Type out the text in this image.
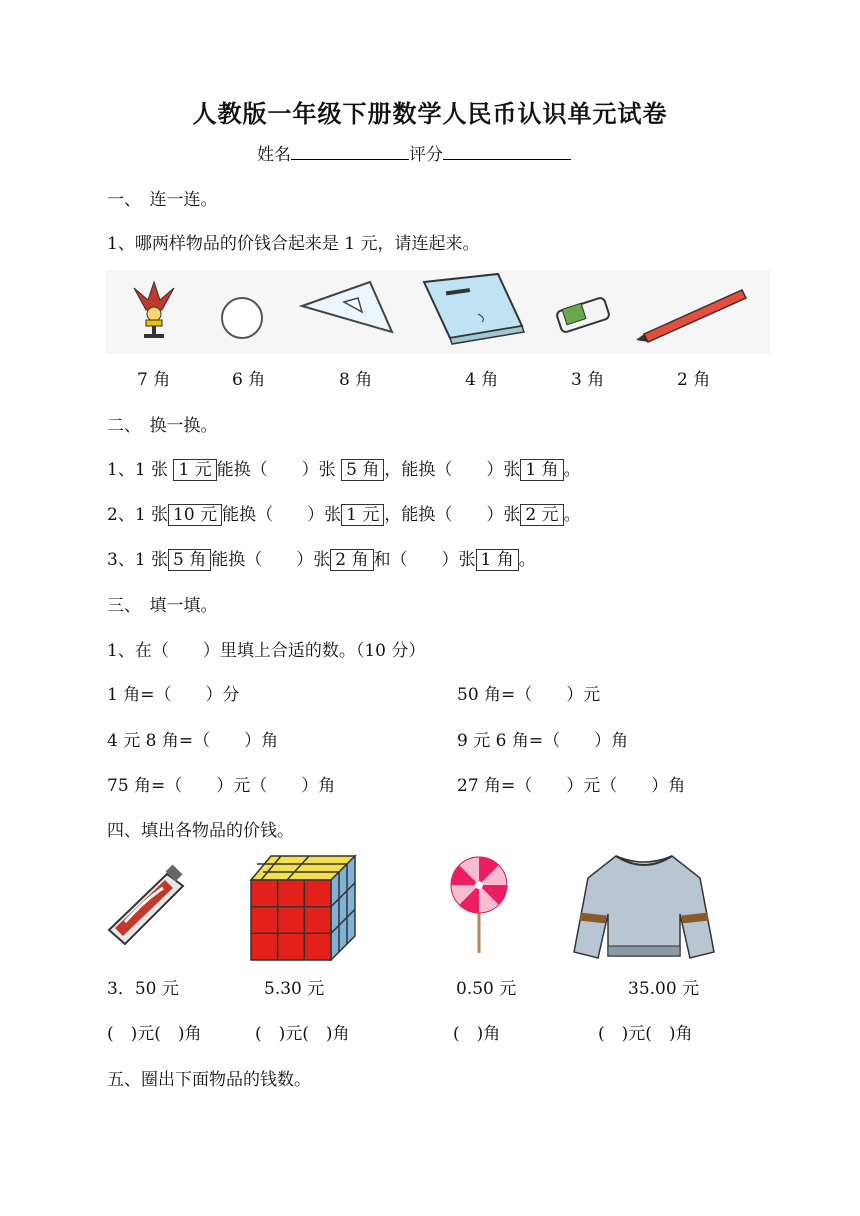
人教版一年级下册数学人民币认识单元试卷
姓名	评分
一、　连一连。
1、哪两样物品的价钱合起来是 1 元，请连起来。
7 角	6 角	8 角	4 角	3 角	2 角
二、　换一换。
1、1 张 1 元 能换（　　）张 5 角 ，能换（　　）张 1 角 。
2、1 张 10 元 能换（　　）张 1 元 ，能换（　　）张 2 元 。
3、1 张 5 角 能换（　　）张 2 角 和（　　）张 1 角 。
三、　填一填。
1、在（　　）里填上合适的数。（10 分）
1 角=（　　）分	50 角=（　　）元
4 元 8 角=（　　）角	9 元 6 角=（　　）角
75 角=（　　）元（　　）角	27 角=（　　）元（　　）角
四、填出各物品的价钱。
3．50 元	5.30 元	0.50 元	35.00 元
(　)元(　)角	(　)元(　)角	(　)角	(　)元(　)角
五、圈出下面物品的钱数。
